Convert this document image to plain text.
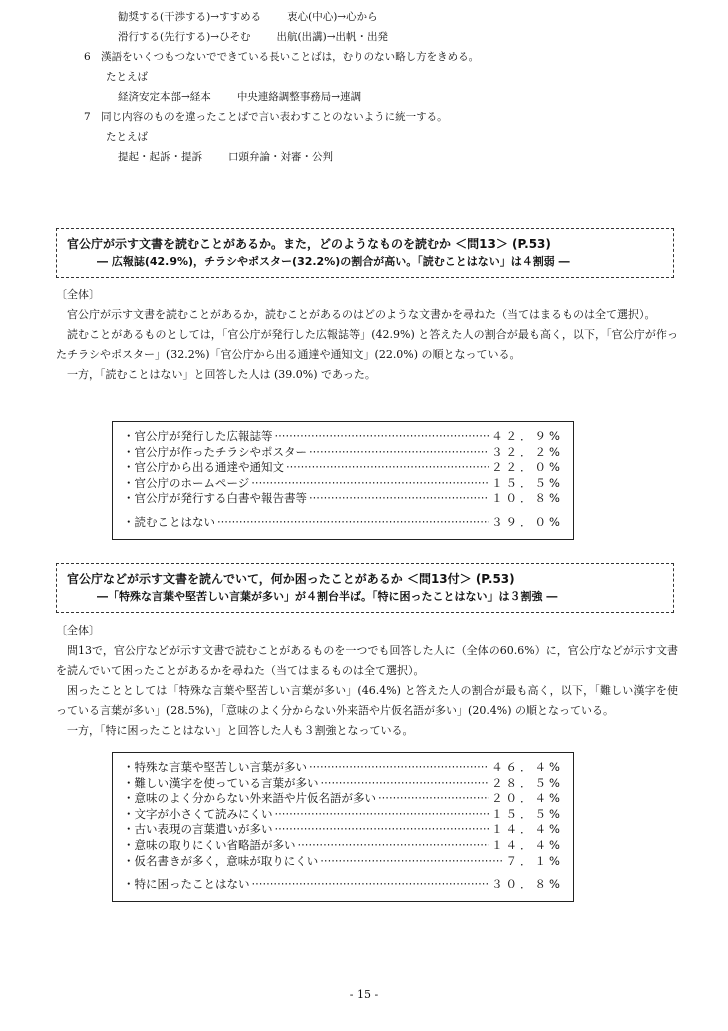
勧奨する(干渉する)→すすめる 衷心(中心)→心から
滑行する(先行する)→ひそむ 出航(出講)→出帆・出発
6　漢語をいくつもつないでできている長いことばは，むりのない略し方をきめる。
たとえば
経済安定本部→経本 中央連絡調整事務局→連調
7　同じ内容のものを違ったことばで言い表わすことのないように統一する。
たとえば
提起・起訴・提訴 口頭弁論・対審・公判
官公庁が示す文書を読むことがあるか。また，どのようなものを読むか ＜問13＞ (P.53)
― 広報誌(42.9%)，チラシやポスター(32.2%)の割合が高い。「読むことはない」は４割弱 ―

〔全体〕

官公庁が示す文書を読むことがあるか，読むことがあるのはどのような文書かを尋ねた（当てはまるものは全て選択）。

読むことがあるものとしては，「官公庁が発行した広報誌等」(42.9%) と答えた人の割合が最も高く，以下，「官公庁が作ったチラシやポスター」(32.2%)「官公庁から出る通達や通知文」(22.0%) の順となっている。

一方，「読むことはない」と回答した人は (39.0%) であった。

・官公庁が発行した広報誌等 ·····	４２．９%
・官公庁が作ったチラシやポスター ·····	３２．２%
・官公庁から出る通達や通知文 ·····	２２．０%
・官公庁のホームページ ·····	１５．５%
・官公庁が発行する白書や報告書等 ·····	１０．８%
・読むことはない ·····	３９．０%
官公庁などが示す文書を読んでいて，何か困ったことがあるか ＜問13付＞ (P.53)
―「特殊な言葉や堅苦しい言葉が多い」が４割台半ば。「特に困ったことはない」は３割強 ―

〔全体〕

問13で，官公庁などが示す文書で読むことがあるものを一つでも回答した人に（全体の60.6%）に，官公庁などが示す文書を読んでいて困ったことがあるかを尋ねた（当てはまるものは全て選択）。

困ったこととしては「特殊な言葉や堅苦しい言葉が多い」(46.4%) と答えた人の割合が最も高く，以下，「難しい漢字を使っている言葉が多い」(28.5%)，「意味のよく分からない外来語や片仮名語が多い」(20.4%) の順となっている。

一方，「特に困ったことはない」と回答した人も３割強となっている。

・特殊な言葉や堅苦しい言葉が多い ·····	４６．４%
・難しい漢字を使っている言葉が多い ·····	２８．５%
・意味のよく分からない外来語や片仮名語が多い ·····	２０．４%
・文字が小さくて読みにくい ·····	１５．５%
・古い表現の言葉遣いが多い ·····	１４．４%
・意味の取りにくい省略語が多い ·····	１４．４%
・仮名書きが多く，意味が取りにくい ·····	７．１%
・特に困ったことはない ·····	３０．８%
- 15 -
